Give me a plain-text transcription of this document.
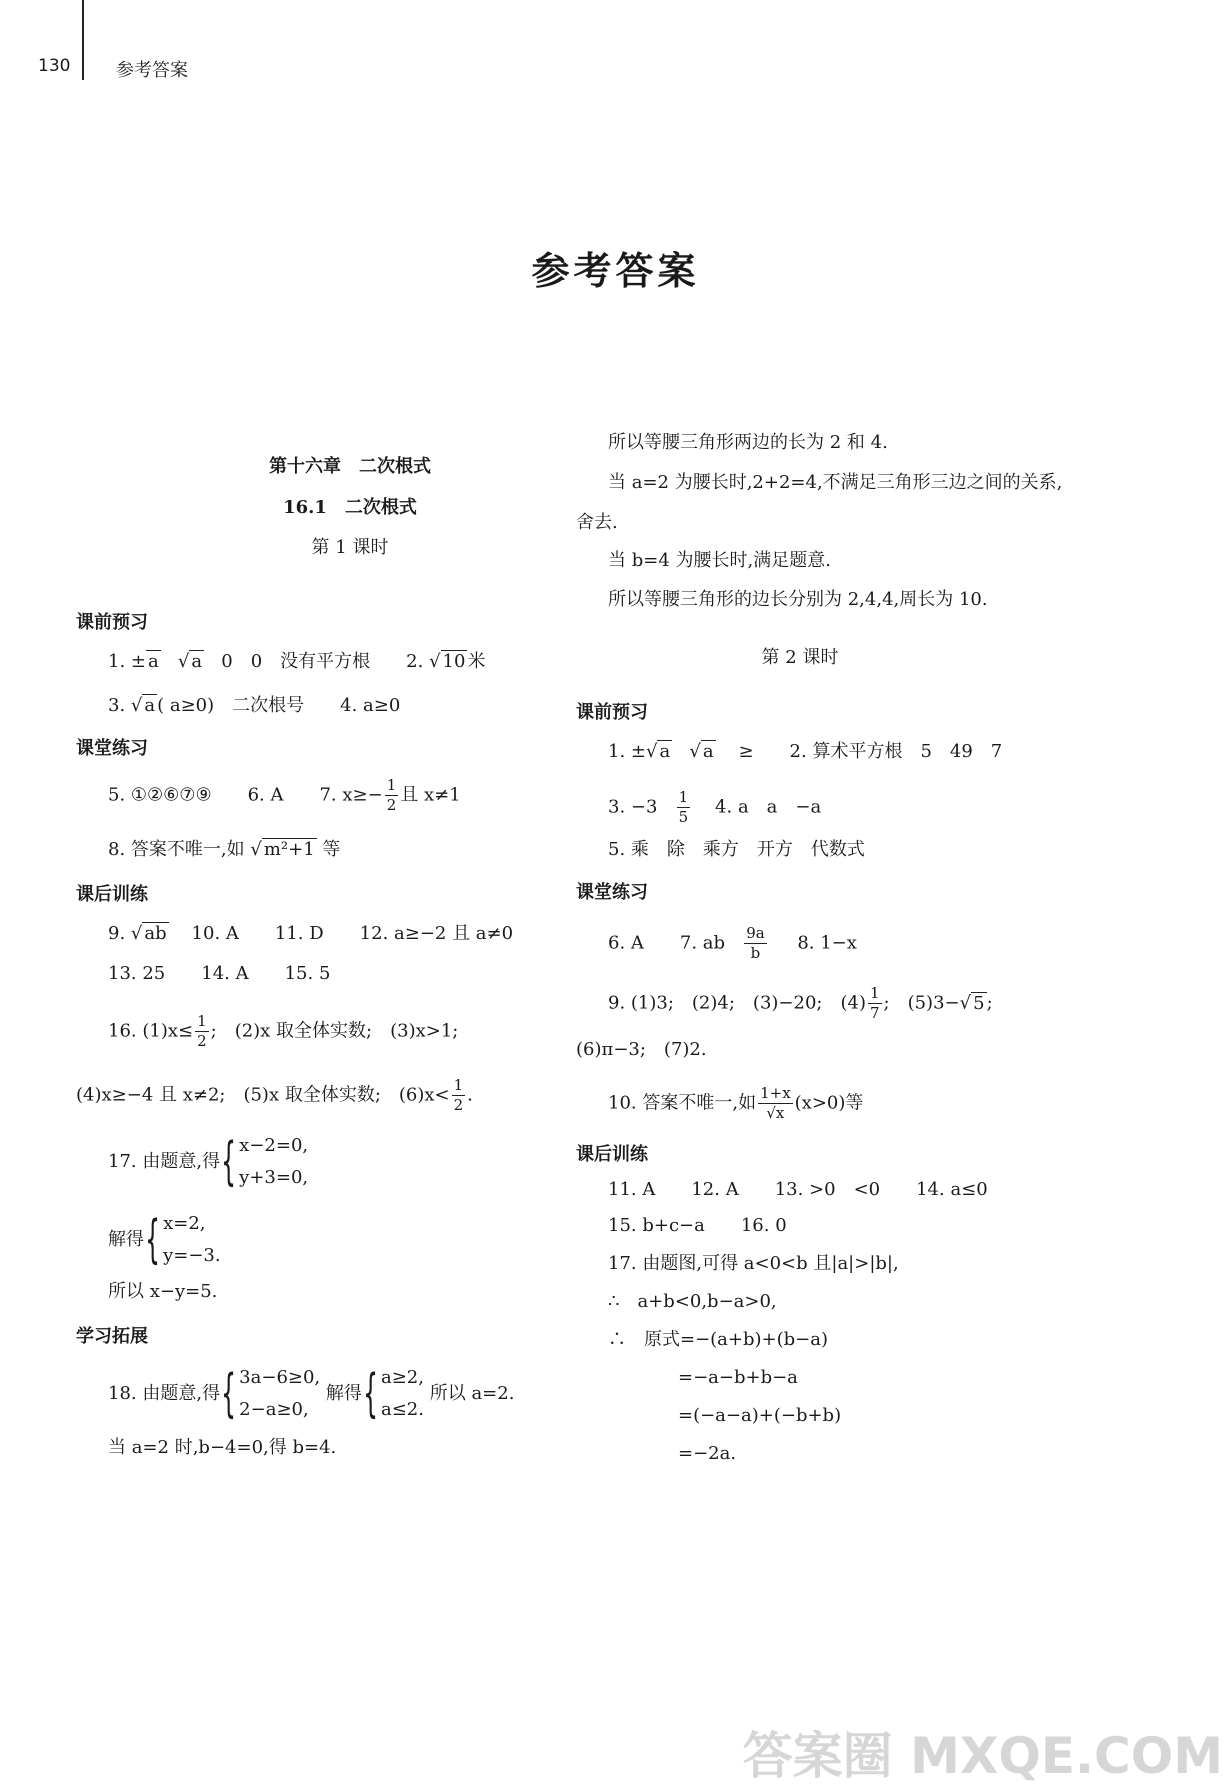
130	参考答案
参考答案
第十六章　二次根式
16.1　二次根式
第 1 课时
课前预习
1. ± a   √ a 0　0　没有平方根　　2. √ 10 米
3. √ a ( a≥0)　二次根号　　4. a≥0
课堂练习
5. ①②⑥⑦⑨　　6. A　　7. $x\ge- \frac{1}{2}$ 且 x≠1
8. 答案不唯一,如 √ m²+1 等
课后训练
9. √ ab 10. A　　11. D　　12. a≥−2 且 a≠0
13. 25　　14. A　　15. 5
16. $(1)x\le \frac{1}{2}$ ;　(2)x 取全体实数;　(3)x>1;
(4)x≥−4 且 x≠2;　(5)x 取全体实数;　$(6)x< \frac{1}{2}$ .
17. 由题意,得{ x−2=0,
y+3=0,
解得{ x=2,
y=−3.
所以 x−y=5.
学习拓展
18. 由题意,得{ 3a−6≥0,
2−a≥0, 解得{ a≥2,
a≤2. 所以 a=2.
当 a=2 时,b−4=0,得 b=4.
所以等腰三角形两边的长为 2 和 4.
当 a=2 为腰长时,2+2=4,不满足三角形三边之间的关系,
舍去.
当 b=4 为腰长时,满足题意.
所以等腰三角形的边长分别为 2,4,4,周长为 10.
第 2 课时
课前预习
1. ±√ a   √ a ≥　　2. 算术平方根　5　49　7
3. $-3 \frac{1}{5} 4$. a　a　−a
5. 乘　除　乘方　开方　代数式
课堂练习
6. A　　7. ab $\frac{9a}{b} 8$. 1−x
9. (1)3;　(2)4;　(3)−20;　$(4) \frac{1}{7}$ ;　(5)3−√ 5 ;
(6)π−3;　(7)2.
10. 答案不唯一,如 $\frac{1+x}{√x} (x>0)$等
课后训练
11. A　　12. A　　13. >0　<0　　14. a≤0
15. b+c−a　　16. 0
17. 由题图,可得 a<0<b 且|a|>|b|,
∴　a+b<0,b−a>0,
∴　原式=−(a+b)+(b−a)
=−a−b+b−a
=(−a−a)+(−b+b)
=−2a.
答案圈 MXQE.COM
